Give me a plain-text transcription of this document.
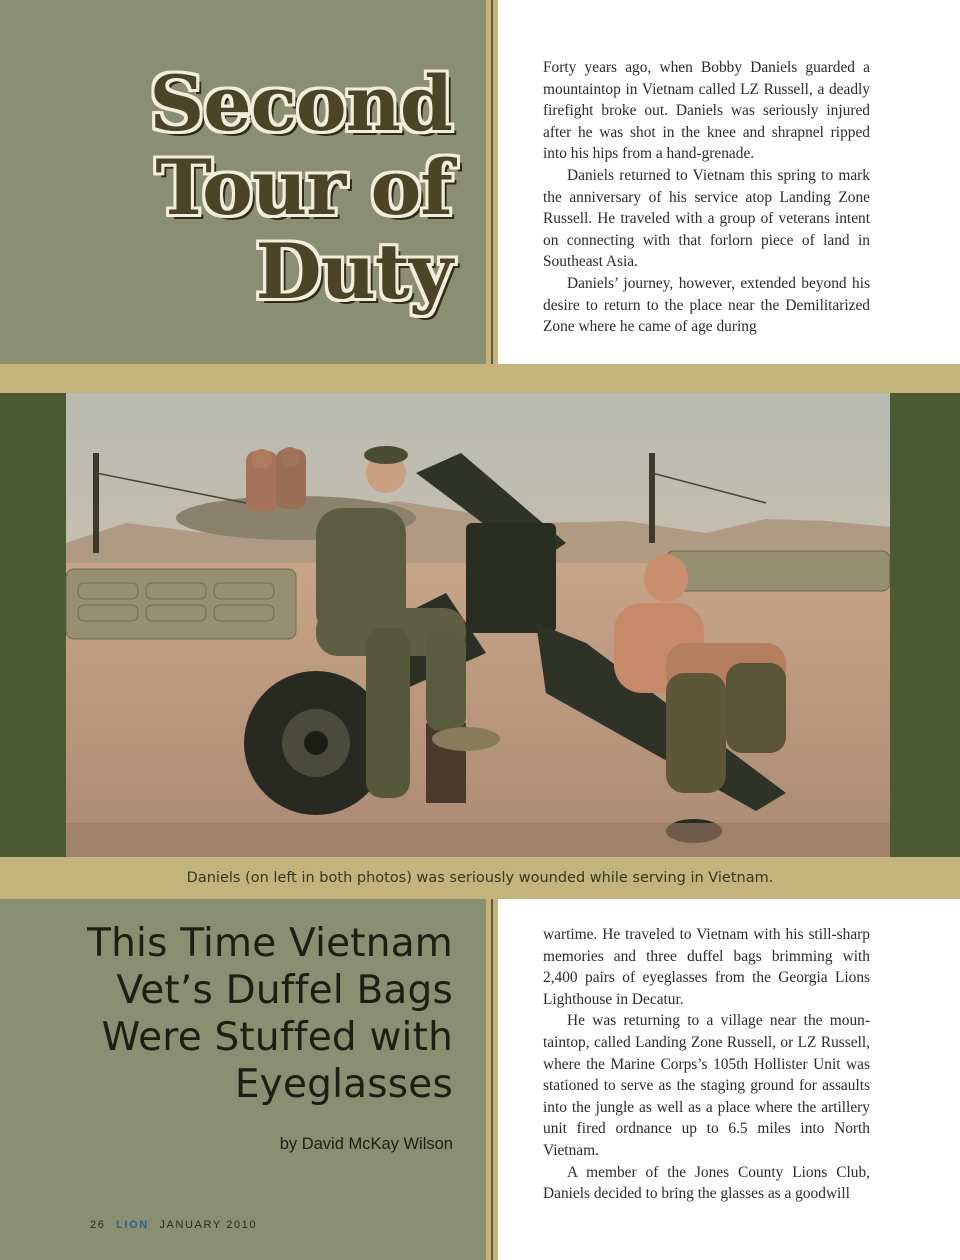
Second
Tour of
Duty

Forty years ago, when Bobby Daniels guarded a mountaintop in Vietnam called LZ Russell, a deadly firefight broke out. Daniels was seriously injured after he was shot in the knee and shrapnel ripped into his hips from a hand-grenade.

Daniels returned to Vietnam this spring to mark the anniversary of his service atop Landing Zone Russell. He traveled with a group of veterans intent on connecting with that forlorn piece of land in Southeast Asia.

Daniels’ journey, however, extended beyond his desire to return to the place near the Demilitarized Zone where he came of age during

Daniels (on left in both photos) was seriously wounded while serving in Vietnam.
This Time Vietnam
Vet’s Duffel Bags
Were Stuffed with
Eyeglasses

by David McKay Wilson

wartime. He traveled to Vietnam with his still-sharp memories and three duffel bags brimming with 2,400 pairs of eyeglasses from the Georgia Lions Lighthouse in Decatur.

He was returning to a village near the mountaintop, called Landing Zone Russell, or LZ Russell, where the Marine Corps’s 105th Hollister Unit was stationed to serve as the staging ground for assaults into the jungle as well as a place where the artillery unit fired ordnance up to 6.5 miles into North Vietnam.

A member of the Jones County Lions Club, Daniels decided to bring the glasses as a goodwill

26 LION JANUARY 2010
